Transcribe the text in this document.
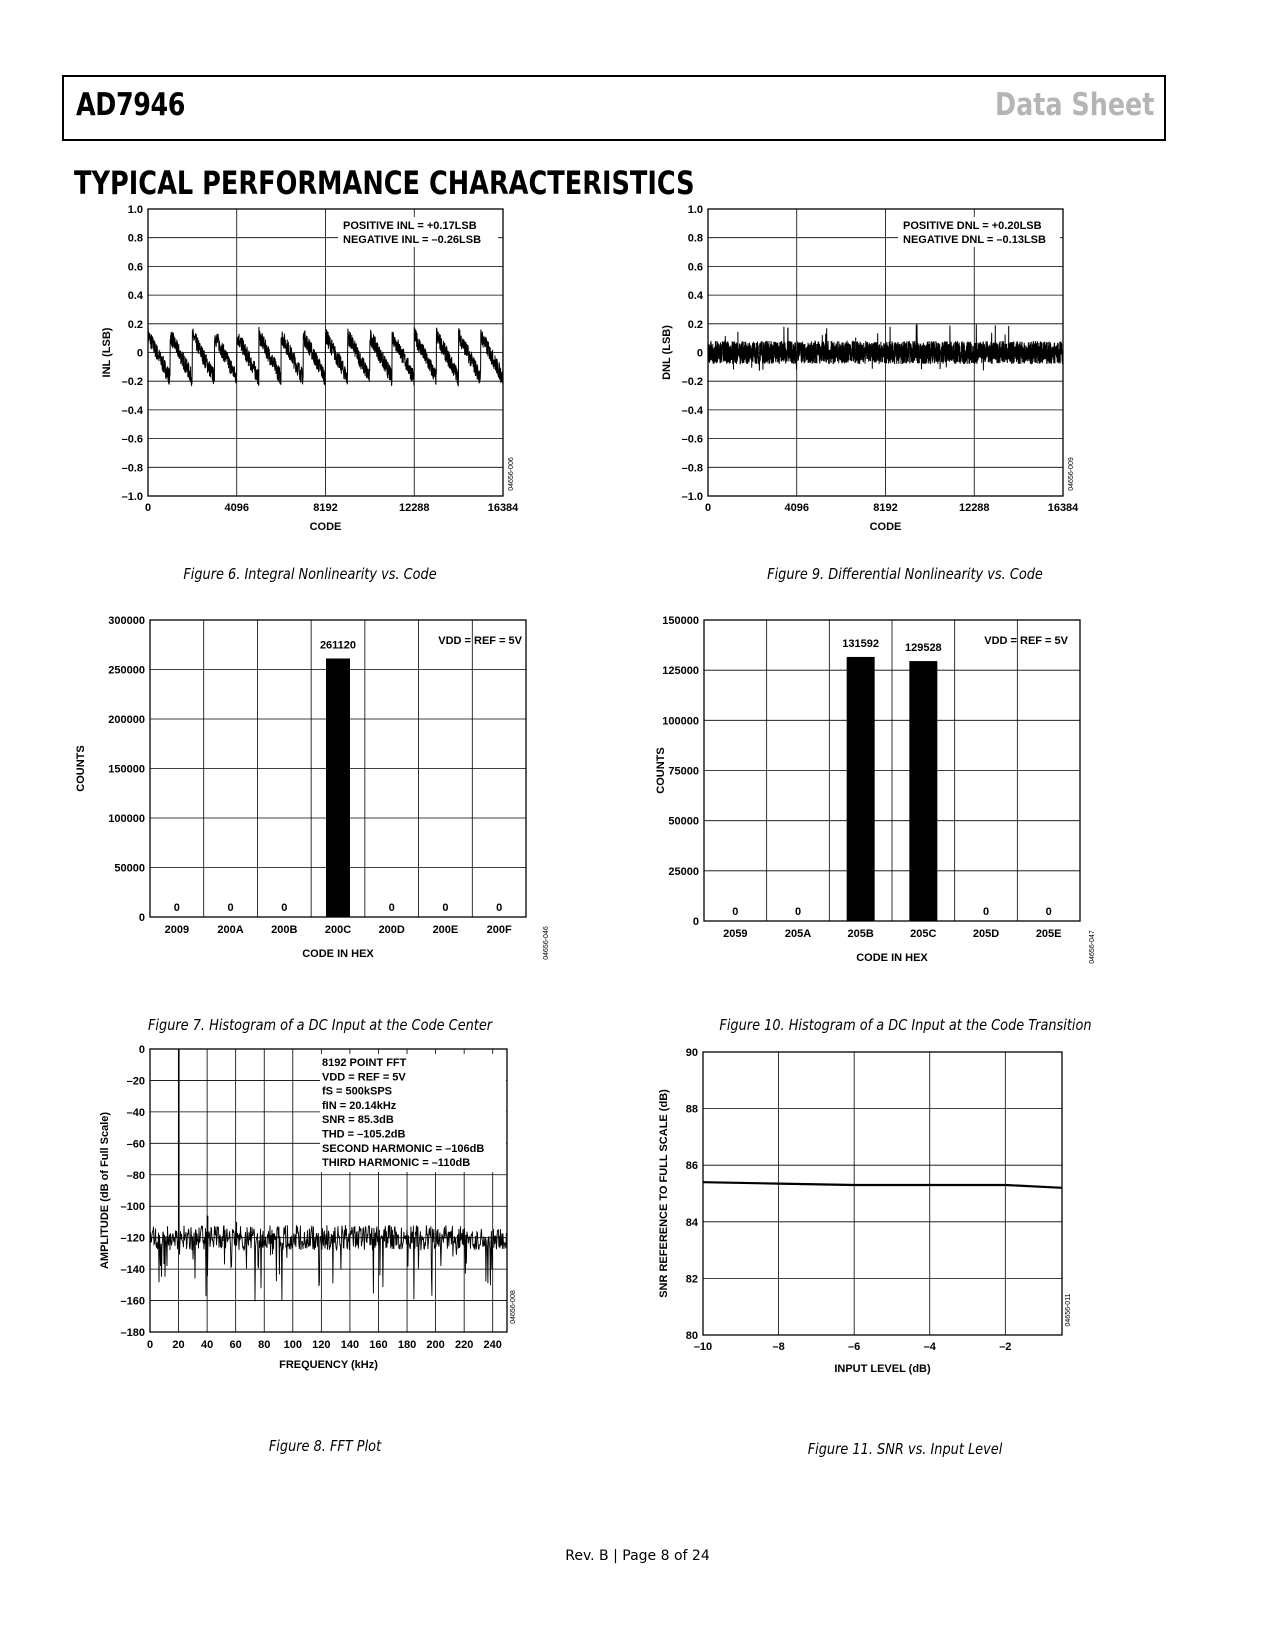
AD7946	Data Sheet
TYPICAL PERFORMANCE CHARACTERISTICS
1.0
0.8
0.6
0.4
0.2
0
–0.2
–0.4
–0.6
–0.8
–1.0
0	4096	8192	12288	16384
CODE
INL (LSB)
POSITIVE INL = +0.17LSB
NEGATIVE INL = –0.26LSB
04656-006
Figure 6. Integral Nonlinearity vs. Code
1.0
0.8
0.6
0.4
0.2
0
–0.2
–0.4
–0.6
–0.8
–1.0
0	4096	8192	12288	16384
CODE
DNL (LSB)
POSITIVE DNL = +0.20LSB
NEGATIVE DNL = –0.13LSB
04656-009
Figure 9. Differential Nonlinearity vs. Code
300000
250000
200000
150000
100000
50000
0
2009
0
200A
0
200B
0
200C
261120
200D
0
200E
0
200F
0
CODE IN HEX
COUNTS
VDD = REF = 5V
04656-046
Figure 7. Histogram of a DC Input at the Code Center
150000
125000
100000
75000
50000
25000
0
2059
0
205A
0
205B
131592
205C
129528
205D
0
205E
0
CODE IN HEX
COUNTS
VDD = REF = 5V
04656-047
Figure 10. Histogram of a DC Input at the Code Transition
0
–20
–40
–60
–80
–100
–120
–140
–160
–180
0 20 40 60 80 100 120 140 160 180 200 220 240
FREQUENCY (kHz)
AMPLITUDE (dB of Full Scale)
8192 POINT FFT
VDD = REF = 5V
fS = 500kSPS
fIN = 20.14kHz
SNR = 85.3dB
THD = –105.2dB
SECOND HARMONIC = –106dB
THIRD HARMONIC = –110dB
04656-008
Figure 8. FFT Plot
90
88
86
84
82
80
–10	–8	–6	–4	–2
INPUT LEVEL (dB)
SNR REFERENCE TO FULL SCALE (dB)
04656-011
Figure 11. SNR vs. Input Level
Rev. B | Page 8 of 24
